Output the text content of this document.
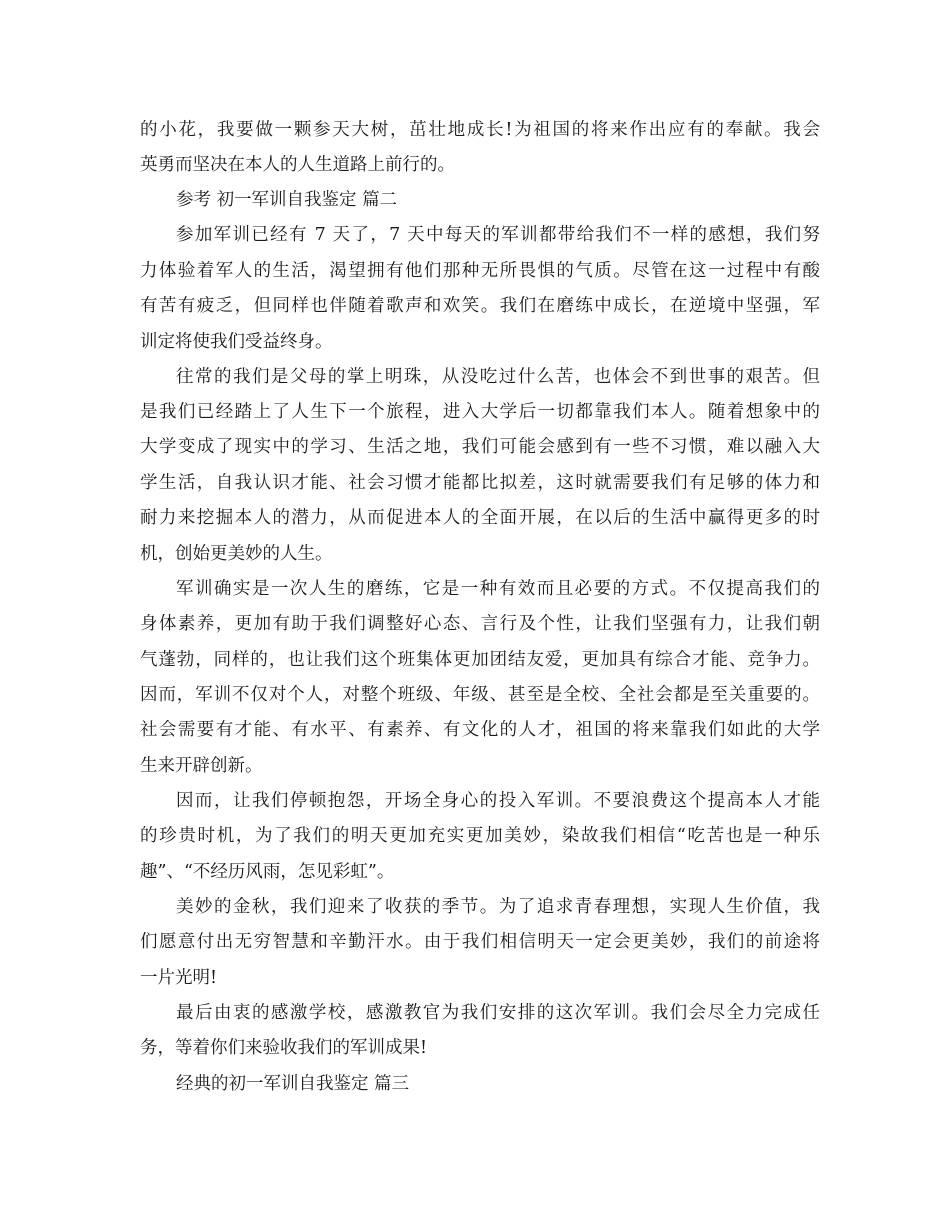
的小花，我要做一颗参天大树，茁壮地成长!为祖国的将来作出应有的奉献。我会
英勇而坚决在本人的人生道路上前行的。
参考 初一军训自我鉴定 篇二
参加军训已经有 7 天了，7 天中每天的军训都带给我们不一样的感想，我们努
力体验着军人的生活，渴望拥有他们那种无所畏惧的气质。尽管在这一过程中有酸
有苦有疲乏，但同样也伴随着歌声和欢笑。我们在磨练中成长，在逆境中坚强，军
训定将使我们受益终身。
往常的我们是父母的掌上明珠，从没吃过什么苦，也体会不到世事的艰苦。但
是我们已经踏上了人生下一个旅程，进入大学后一切都靠我们本人。随着想象中的
大学变成了现实中的学习、生活之地，我们可能会感到有一些不习惯，难以融入大
学生活，自我认识才能、社会习惯才能都比拟差，这时就需要我们有足够的体力和
耐力来挖掘本人的潜力，从而促进本人的全面开展，在以后的生活中赢得更多的时
机，创始更美妙的人生。
军训确实是一次人生的磨练，它是一种有效而且必要的方式。不仅提高我们的
身体素养，更加有助于我们调整好心态、言行及个性，让我们坚强有力，让我们朝
气蓬勃，同样的，也让我们这个班集体更加团结友爱，更加具有综合才能、竞争力。
因而，军训不仅对个人，对整个班级、年级、甚至是全校、全社会都是至关重要的。
社会需要有才能、有水平、有素养、有文化的人才，祖国的将来靠我们如此的大学
生来开辟创新。
因而，让我们停顿抱怨，开场全身心的投入军训。不要浪费这个提高本人才能
的珍贵时机，为了我们的明天更加充实更加美妙，染故我们相信“吃苦也是一种乐
趣”、“不经历风雨，怎见彩虹”。
美妙的金秋，我们迎来了收获的季节。为了追求青春理想，实现人生价值，我
们愿意付出无穷智慧和辛勤汗水。由于我们相信明天一定会更美妙，我们的前途将
一片光明!
最后由衷的感激学校，感激教官为我们安排的这次军训。我们会尽全力完成任
务，等着你们来验收我们的军训成果!
经典的初一军训自我鉴定 篇三
